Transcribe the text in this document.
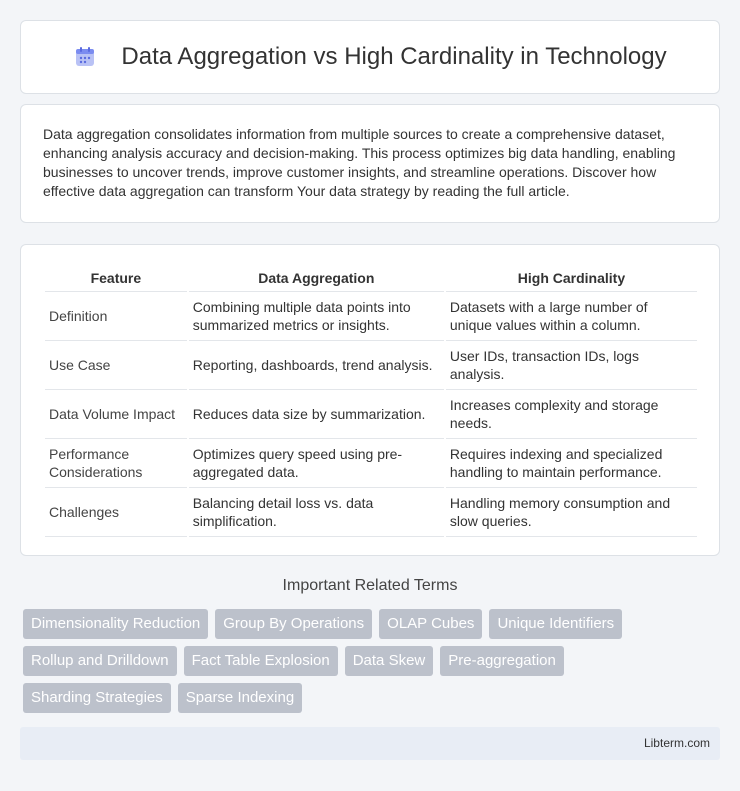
Data Aggregation vs High Cardinality in Technology

Data aggregation consolidates information from multiple sources to create a comprehensive dataset, enhancing analysis accuracy and decision-making. This process optimizes big data handling, enabling businesses to uncover trends, improve customer insights, and streamline operations. Discover how effective data aggregation can transform Your data strategy by reading the full article.

Feature	Data Aggregation	High Cardinality
Definition	Combining multiple data points into summarized metrics or insights.	Datasets with a large number of unique values within a column.
Use Case	Reporting, dashboards, trend analysis.	User IDs, transaction IDs, logs analysis.
Data Volume Impact	Reduces data size by summarization.	Increases complexity and storage needs.
Performance Considerations	Optimizes query speed using pre-aggregated data.	Requires indexing and specialized handling to maintain performance.
Challenges	Balancing detail loss vs. data simplification.	Handling memory consumption and slow queries.
Important Related Terms
Dimensionality Reduction	Group By Operations	OLAP Cubes	Unique Identifiers
Rollup and Drilldown	Fact Table Explosion	Data Skew	Pre-aggregation
Sharding Strategies	Sparse Indexing
Libterm.com
